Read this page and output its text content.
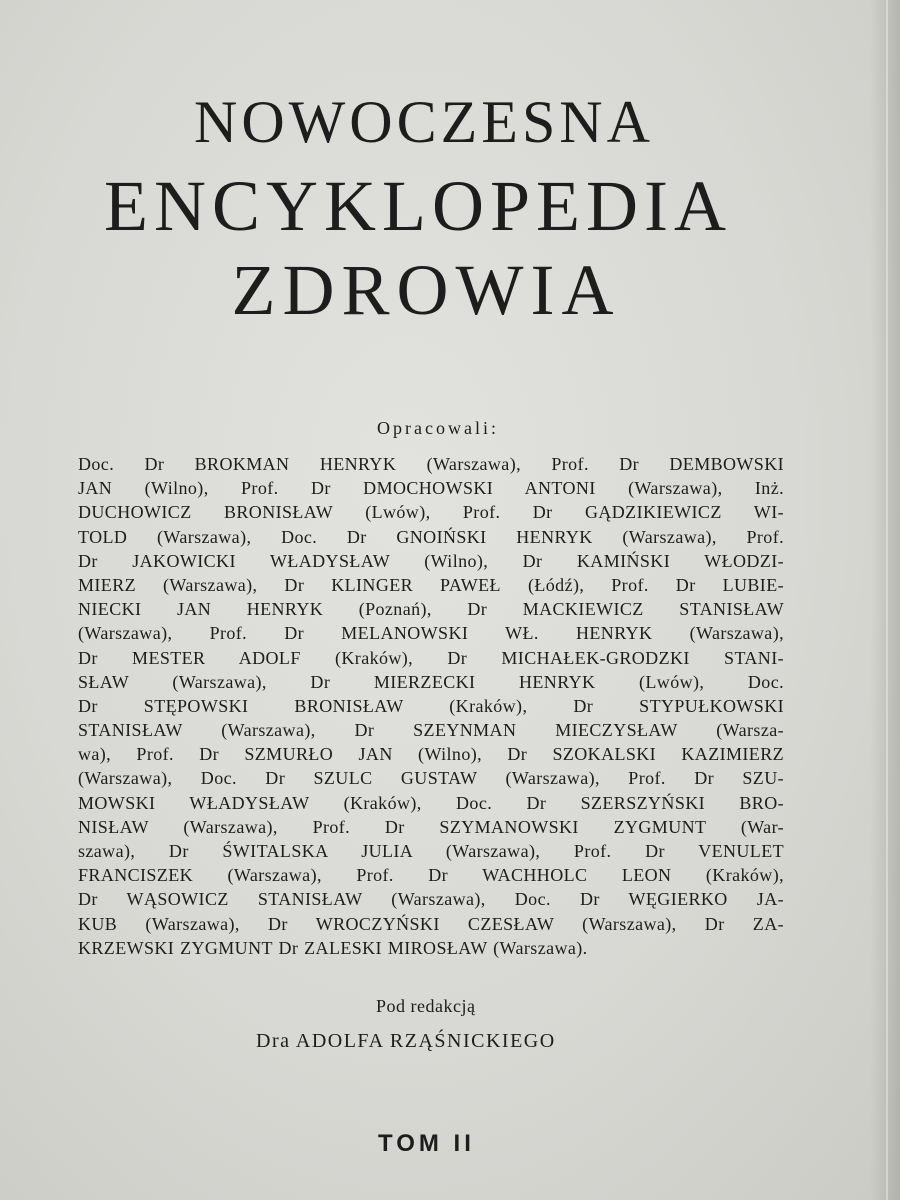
NOWOCZESNA
ENCYKLOPEDIA
ZDROWIA
Opracowali:
Doc. Dr BROKMAN HENRYK (Warszawa), Prof. Dr DEMBOWSKI
JAN (Wilno), Prof. Dr DMOCHOWSKI ANTONI (Warszawa), Inż.
DUCHOWICZ BRONISŁAW (Lwów), Prof. Dr GĄDZIKIEWICZ WI-
TOLD (Warszawa), Doc. Dr GNOIŃSKI HENRYK (Warszawa), Prof.
Dr JAKOWICKI WŁADYSŁAW (Wilno), Dr KAMIŃSKI WŁODZI-
MIERZ (Warszawa), Dr KLINGER PAWEŁ (Łódź), Prof. Dr LUBIE-
NIECKI JAN HENRYK (Poznań), Dr MACKIEWICZ STANISŁAW
(Warszawa), Prof. Dr MELANOWSKI WŁ. HENRYK (Warszawa),
Dr MESTER ADOLF (Kraków), Dr MICHAŁEK-GRODZKI STANI-
SŁAW (Warszawa), Dr MIERZECKI HENRYK (Lwów), Doc.
Dr STĘPOWSKI BRONISŁAW (Kraków), Dr STYPUŁKOWSKI
STANISŁAW (Warszawa), Dr SZEYNMAN MIECZYSŁAW (Warsza-
wa), Prof. Dr SZMURŁO JAN (Wilno), Dr SZOKALSKI KAZIMIERZ
(Warszawa), Doc. Dr SZULC GUSTAW (Warszawa), Prof. Dr SZU-
MOWSKI WŁADYSŁAW (Kraków), Doc. Dr SZERSZYŃSKI BRO-
NISŁAW (Warszawa), Prof. Dr SZYMANOWSKI ZYGMUNT (War-
szawa), Dr ŚWITALSKA JULIA (Warszawa), Prof. Dr VENULET
FRANCISZEK (Warszawa), Prof. Dr WACHHOLC LEON (Kraków),
Dr WĄSOWICZ STANISŁAW (Warszawa), Doc. Dr WĘGIERKO JA-
KUB (Warszawa), Dr WROCZYŃSKI CZESŁAW (Warszawa), Dr ZA-
KRZEWSKI ZYGMUNT Dr ZALESKI MIROSŁAW (Warszawa).
Pod redakcją
Dra ADOLFA RZĄŚNICKIEGO
TOM II
